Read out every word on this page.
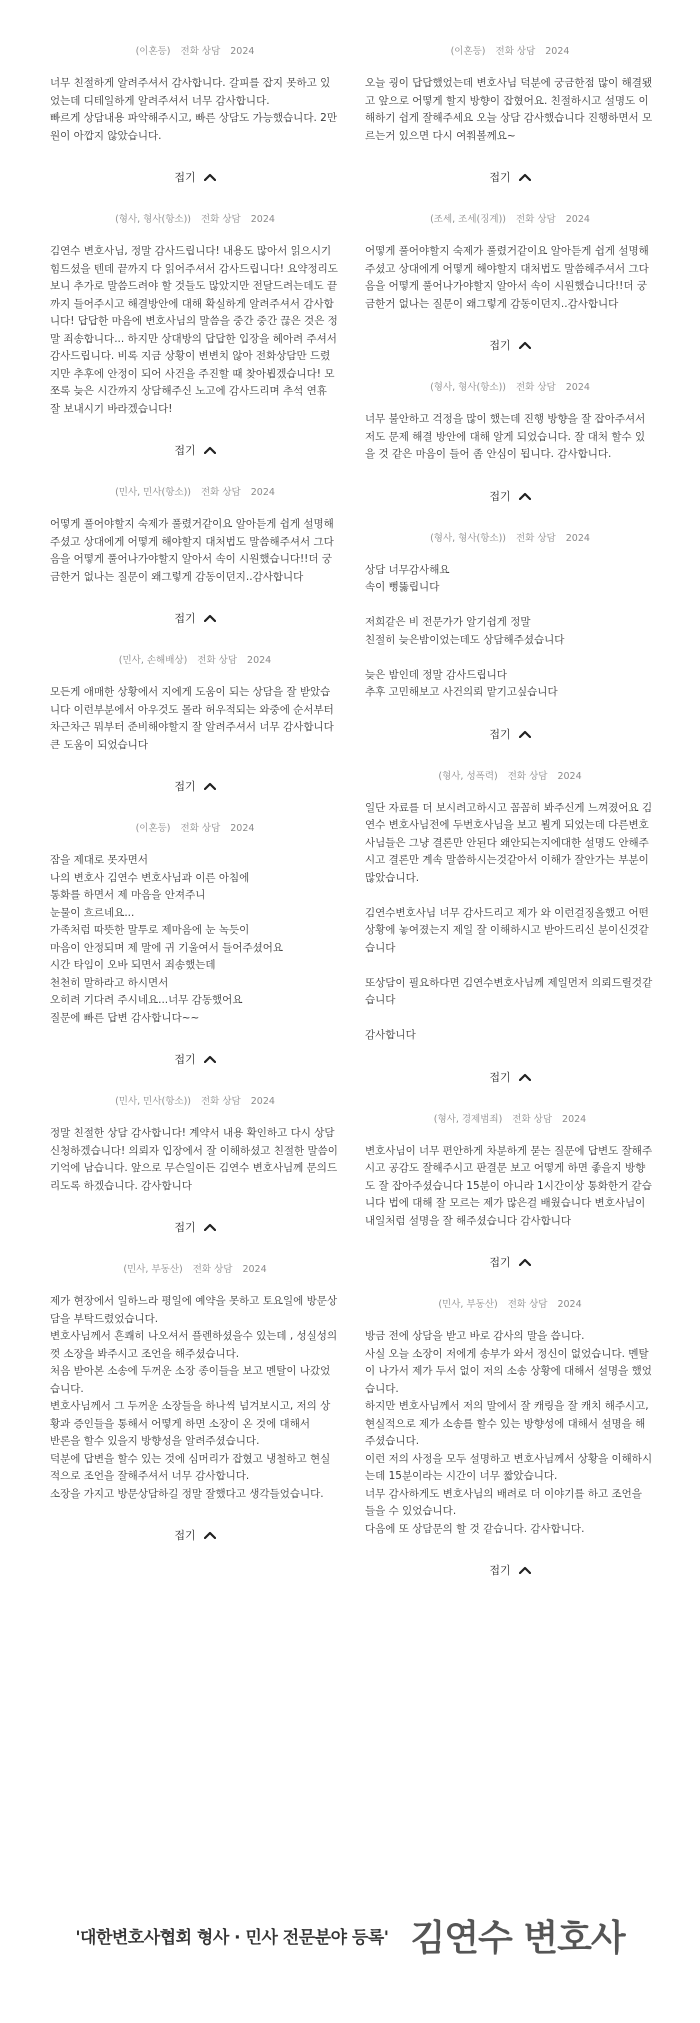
(이혼등) 전화 상담 2024

너무 친절하게 알려주셔서 감사합니다. 갈피를 잡지 못하고 있었는데 디테일하게 알려주셔서 너무 감사합니다.

빠르게 상담내용 파악해주시고, 빠른 상담도 가능했습니다. 2만원이 아깝지 않았습니다.

접기
(형사, 형사(항소)) 전화 상담 2024

김연수 변호사님, 정말 감사드립니다! 내용도 많아서 읽으시기 힘드셨을 텐데 끝까지 다 읽어주셔서 감사드립니다! 요약정리도 보니 추가로 말씀드려야 할 것들도 많았지만 전달드려는데도 끝까지 들어주시고 해결방안에 대해 확실하게 알려주셔서 감사합니다! 답답한 마음에 변호사님의 말씀을 중간 중간 끊은 것은 정말 죄송합니다... 하지만 상대방의 답답한 입장을 헤아려 주셔서 감사드립니다. 비록 지금 상황이 변변치 않아 전화상담만 드렸지만 추후에 안정이 되어 사건을 주진할 때 찾아뵙겠습니다! 모쪼록 늦은 시간까지 상담해주신 노고에 감사드리며 추석 연휴 잘 보내시기 바라겠습니다!

접기
(민사, 민사(항소)) 전화 상담 2024

어떻게 풀어야할지 숙제가 풀렸거같이요 알아듣게 쉽게 설명해주셨고 상대에게 어떻게 해야할지 대처법도 말씀해주셔서 그다음을 어떻게 풀어나가야할지 알아서 속이 시원했습니다!!더 궁금한거 없나는 질문이 왜그렇게 감동이던지..감사합니다

접기
(민사, 손해배상) 전화 상담 2024

모든게 애매한 상황에서 지에게 도움이 되는 상담을 잘 받았습니다 이런부분에서 아우것도 몰라 허우적되는 와중에 순서부터 차근차근 뭐부터 준비해야할지 잘 알려주셔서 너무 감사합니다 큰 도움이 되었습니다

접기
(이혼등) 전화 상담 2024

잠을 제대로 못자면서

나의 변호사 김연수 변호사님과 이른 아침에

통화를 하면서 제 마음을 안져주니

눈물이 흐르네요...

가족처럼 따뜻한 말투로 제마음에 눈 녹듯이

마음이 안정되며 제 말에 귀 기울여서 들어주셨어요

시간 타임이 오바 되면서 죄송했는데

천천히 말하라고 하시면서

오히려 기다려 주시네요...너무 감동했어요

질문에 빠른 답변 감사합니다~~

접기
(민사, 민사(항소)) 전화 상담 2024

정말 친절한 상담 감사합니다! 계약서 내용 확인하고 다시 상담 신청하겠습니다! 의뢰자 입장에서 잘 이해하셨고 친절한 말씀이 기억에 남습니다. 앞으로 무슨일이든 김연수 변호사님께 문의드리도록 하겠습니다. 감사합니다

접기
(민사, 부동산) 전화 상담 2024

제가 현장에서 일하느라 평일에 예약을 못하고 토요일에 방문상담을 부탁드렸었습니다.

변호사님께서 흔쾌히 나오셔서 플렌하셨을수 있는데 , 성실성의껏 소장을 봐주시고 조언을 해주셨습니다.

처음 받아본 소송에 두꺼운 소장 종이들을 보고 멘탈이 나갔었습니다.

변호사님께서 그 두꺼운 소장들을 하나씩 넘겨보시고, 저의 상황과 증인들을 통해서 어떻게 하면 소장이 온 것에 대해서

반론을 할수 있을지 방향성을 알려주셨습니다.

덕분에 답변을 할수 있는 것에 심머리가 잡혔고 냉철하고 현실적으로 조언을 잘해주셔서 너무 감사합니다.

소장을 가지고 방문상담하길 정말 잘했다고 생각들었습니다.

접기
(이혼등) 전화 상담 2024

오늘 굉이 답답했었는데 변호사님 덕분에 궁금한점 많이 해결됐고 앞으로 어떻게 할지 방향이 잡혔어요. 친절하시고 설명도 이해하기 쉽게 잘해주세요 오늘 상담 감사했습니다 진행하면서 모르는거 있으면 다시 여쭤볼께요~

접기
(조세, 조세(징계)) 전화 상담 2024

어떻게 풀어야할지 숙제가 풀렸거같이요 알아듣게 쉽게 설명해주셨고 상대에게 어떻게 해야할지 대처법도 말씀해주셔서 그다음을 어떻게 풀어나가야할지 알아서 속이 시원했습니다!!더 궁금한거 없나는 질문이 왜그렇게 감동이던지..감사합니다

접기
(형사, 형사(항소)) 전화 상담 2024

너무 불안하고 걱정을 많이 했는데 진행 방향을 잘 잡아주셔서 저도 문제 해결 방안에 대해 알게 되었습니다. 잘 대처 할수 있을 것 같은 마음이 들어 좀 안심이 됩니다. 감사합니다.

접기
(형사, 형사(항소)) 전화 상담 2024

상담 너무감사해요

속이 뻥뚫립니다

저희같은 비 전문가가 알기쉽게 정말

친절히 늦은밤이었는데도 상담해주셨습니다

늦은 밤인데 정말 감사드립니다

추후 고민해보고 사건의뢰 맡기고싶습니다

접기
(형사, 성폭력) 전화 상담 2024

일단 자료를 더 보시려고하시고 꼼꼼히 봐주신게 느껴졌어요 김연수 변호사님전에 두번호사님을 보고 뵐게 되었는데 다른변호사님들은 그냥 결론만 안된다 왜안되는지에대한 설명도 안해주시고 결론만 계속 말씀하시는것같아서 이해가 잘안가는 부분이 많았습니다.

김연수변호사님 너무 감사드리고 제가 와 이런걸징올했고 어떤 상황에 놓여졌는지 제일 잘 이해하시고 받아드리신 분이신것같습니다

또상담이 필요하다면 김연수변호사님께 제일먼저 의뢰드릴것같습니다

감사합니다

접기
(형사, 경제범죄) 전화 상담 2024

변호사님이 너무 편안하게 차분하게 묻는 질문에 답변도 잘해주시고 공감도 잘해주시고 판결문 보고 어떻게 하면 좋을지 방향도 잘 잡아주셨습니다 15분이 아니라 1시간이상 통화한거 같습니다 법에 대해 잘 모르는 제가 많은걸 배웠습니다 변호사님이 내일처럼 설명을 잘 해주셨습니다 감사합니다

접기
(민사, 부동산) 전화 상담 2024

방금 전에 상담을 받고 바로 감사의 말을 씁니다.

사실 오늘 소장이 저에게 송부가 와서 정신이 없었습니다. 멘탈이 나가서 제가 두서 없이 저의 소송 상황에 대해서 설명을 했었습니다.

하지만 변호사님께서 저의 말에서 잘 캐링을 잘 캐치 해주시고, 현실적으로 제가 소송를 할수 있는 방향성에 대해서 설명을 해주셨습니다.

이런 저의 사정을 모두 설명하고 변호사님께서 상황을 이해하시는데 15분이라는 시간이 너무 짧았습니다.

너무 감사하게도 변호사님의 배려로 더 이야기를 하고 조언을 들을 수 있었습니다.

다음에 또 상담문의 할 것 같습니다. 감사합니다.

접기
'대한변호사협회 형사 · 민사 전문분야 등록' 김연수 변호사
